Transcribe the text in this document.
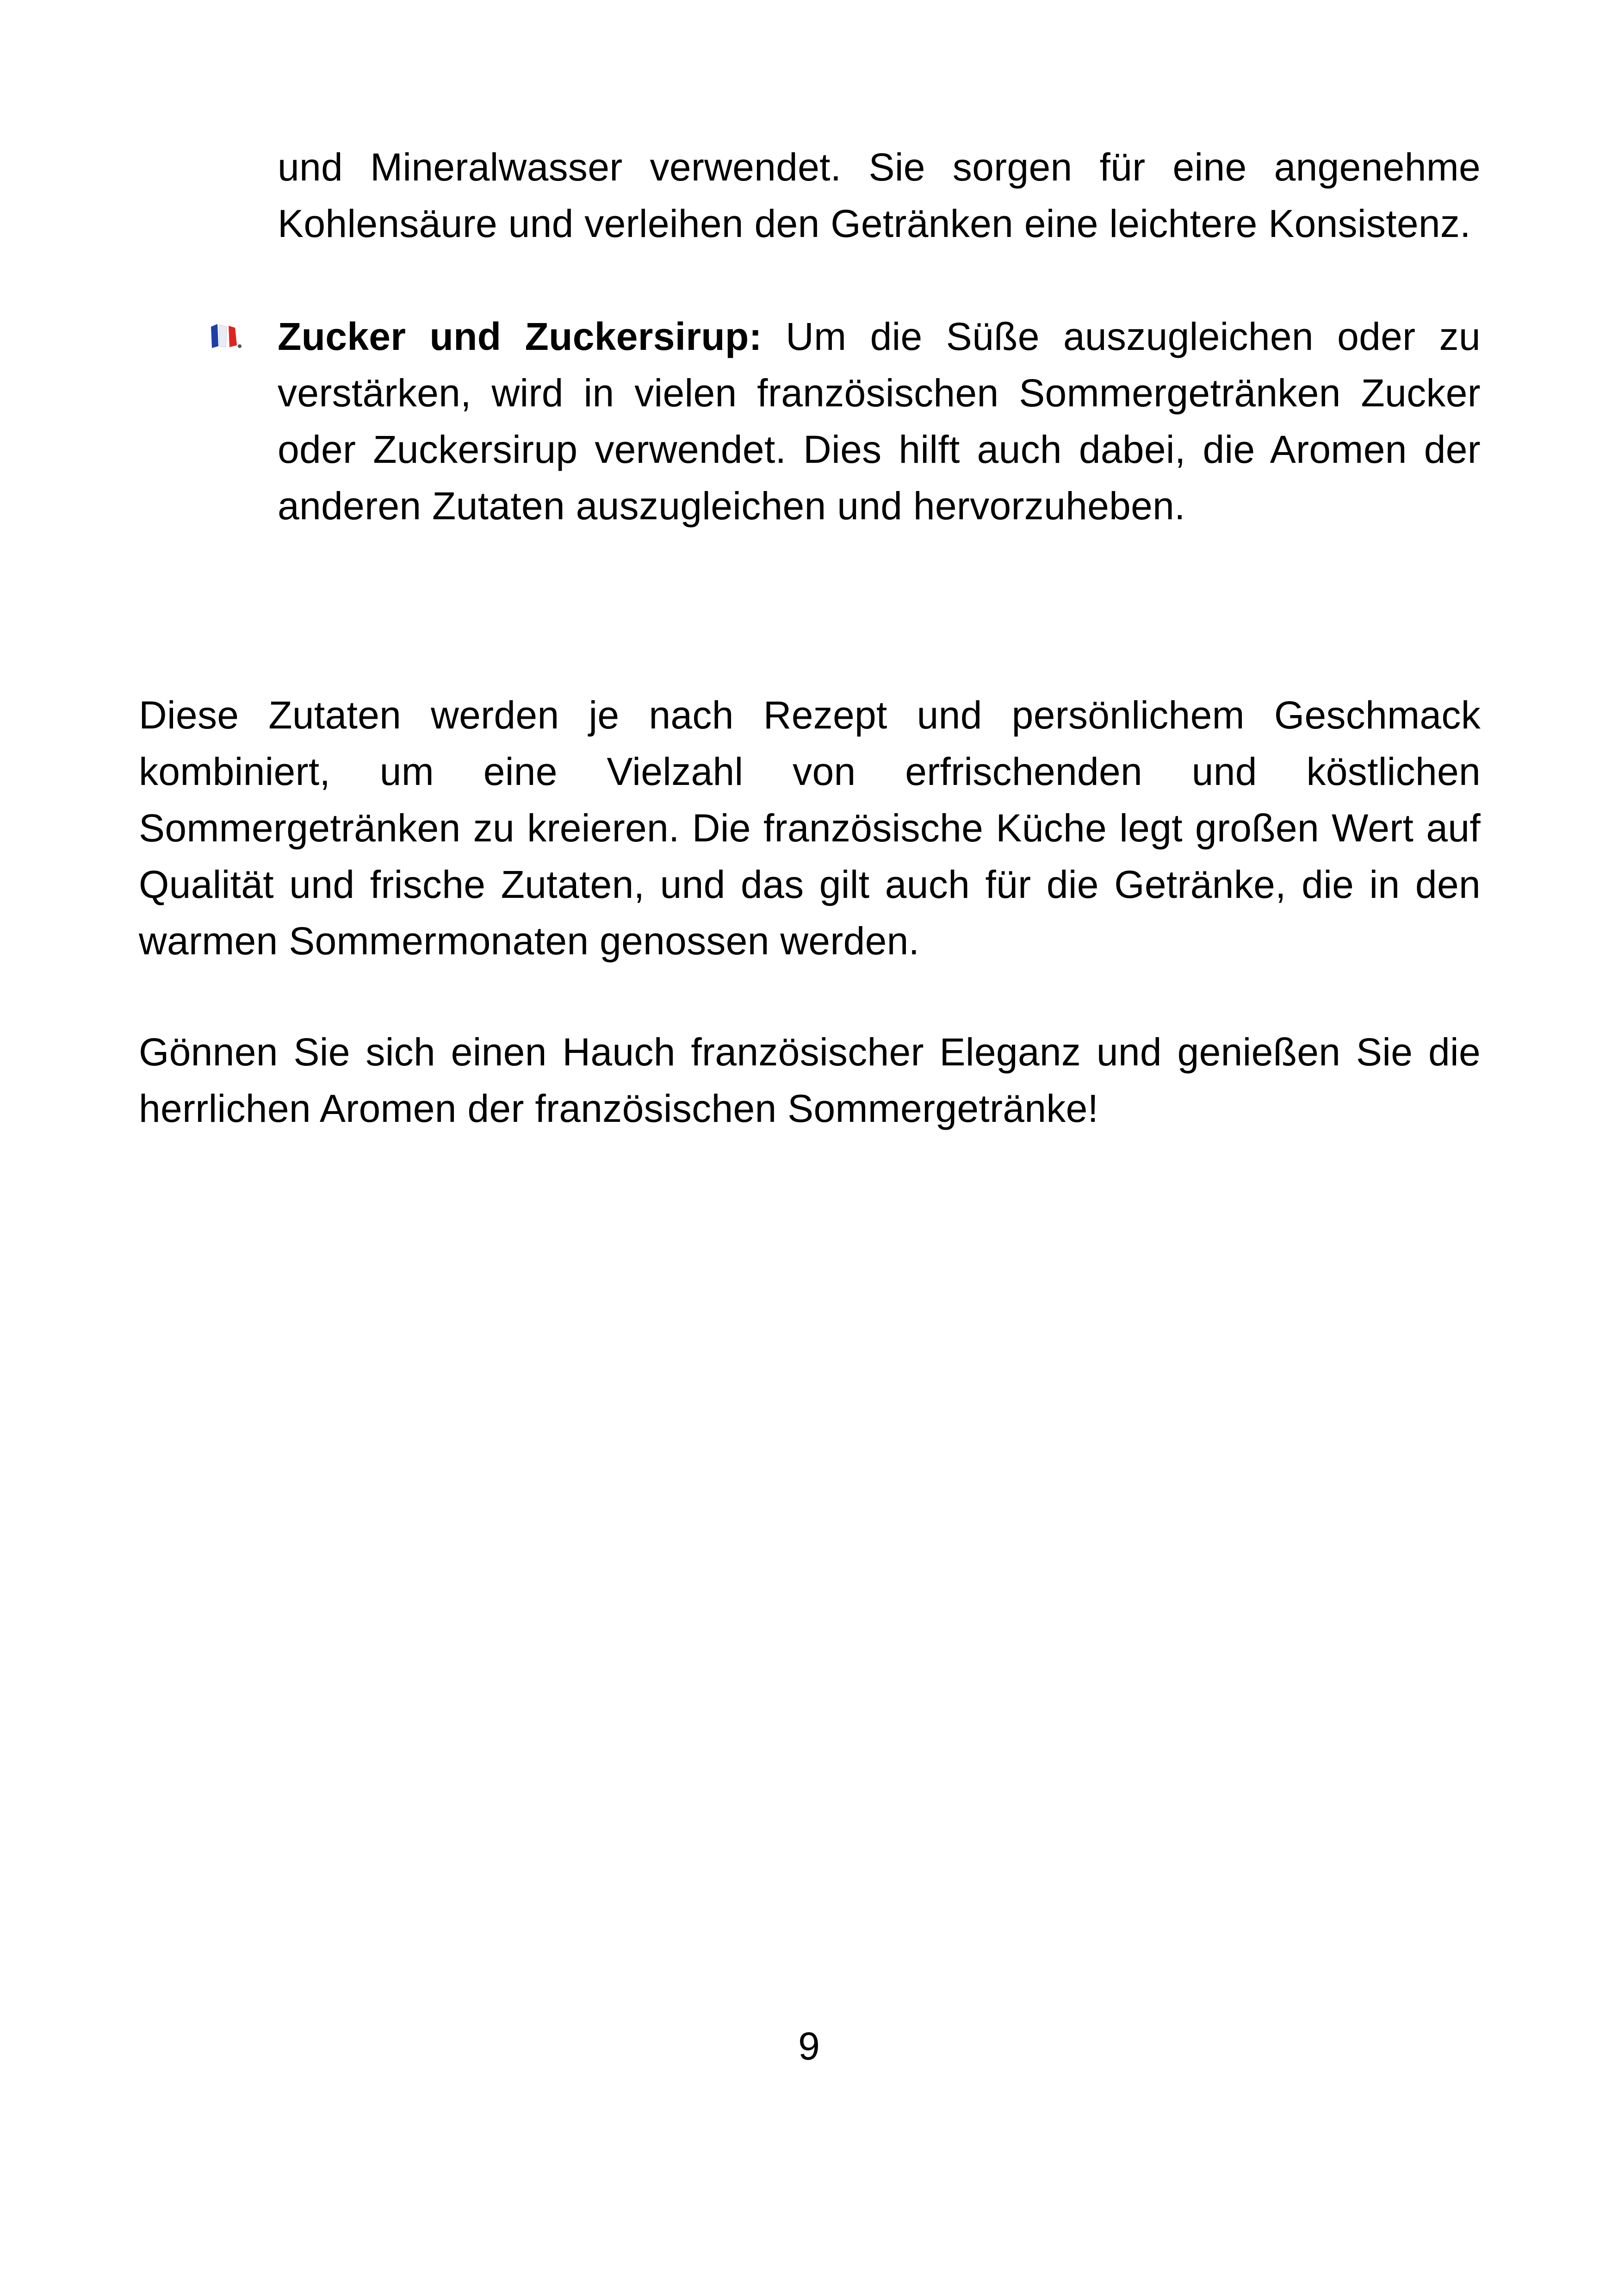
und Mineralwasser verwendet. Sie sorgen für eine angenehme Kohlensäure und verleihen den Getränken eine leichtere Konsistenz.
Zucker und Zuckersirup: Um die Süße auszugleichen oder zu verstärken, wird in vielen französischen Sommergetränken Zucker oder Zuckersirup verwendet. Dies hilft auch dabei, die Aromen der anderen Zutaten auszugleichen und hervorzuheben.

Diese Zutaten werden je nach Rezept und persönlichem Geschmack kombiniert, um eine Vielzahl von erfrischenden und köstlichen Sommergetränken zu kreieren. Die französische Küche legt großen Wert auf Qualität und frische Zutaten, und das gilt auch für die Getränke, die in den warmen Sommermonaten genossen werden.

Gönnen Sie sich einen Hauch französischer Eleganz und genießen Sie die herrlichen Aromen der französischen Sommergetränke!

9
